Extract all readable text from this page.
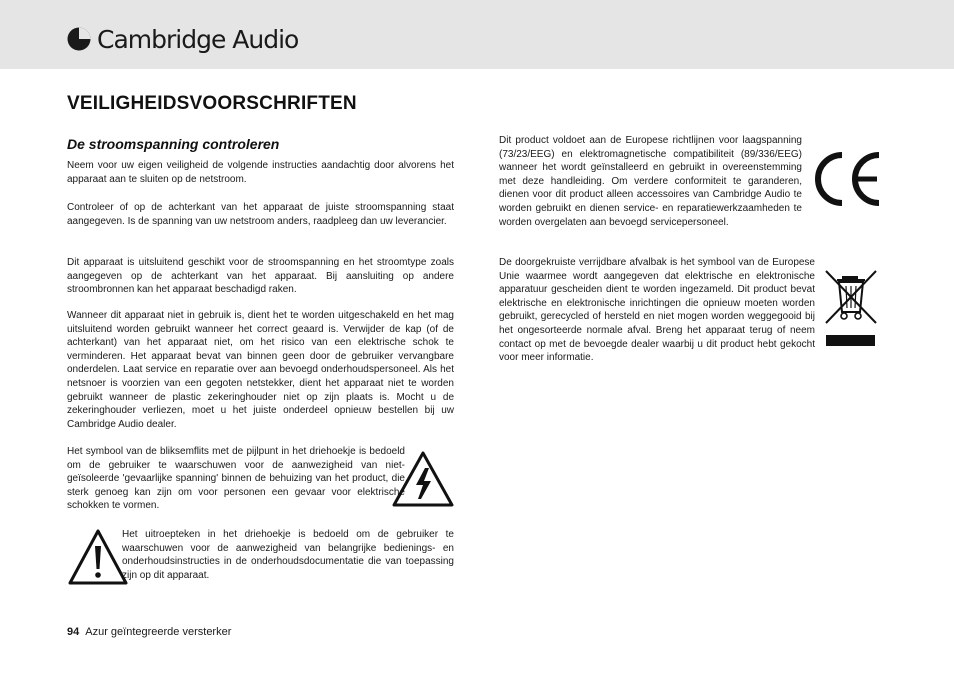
Cambridge Audio
VEILIGHEIDSVOORSCHRIFTEN
De stroomspanning controleren

Neem voor uw eigen veiligheid de volgende instructies aandachtig door alvorens het apparaat aan te sluiten op de netstroom.

Controleer of op de achterkant van het apparaat de juiste stroomspanning staat aangegeven. Is de spanning van uw netstroom anders, raadpleeg dan uw leverancier.

Dit apparaat is uitsluitend geschikt voor de stroomspanning en het stroomtype zoals aangegeven op de achterkant van het apparaat. Bij aansluiting op andere stroombronnen kan het apparaat beschadigd raken.

Wanneer dit apparaat niet in gebruik is, dient het te worden uitgeschakeld en het mag uitsluitend worden gebruikt wanneer het correct geaard is. Verwijder de kap (of de achterkant) van het apparaat niet, om het risico van een elektrische schok te verminderen. Het apparaat bevat van binnen geen door de gebruiker vervangbare onderdelen. Laat service en reparatie over aan bevoegd onderhoudspersoneel. Als het netsnoer is voorzien van een gegoten netstekker, dient het apparaat niet te worden gebruikt wanneer de plastic zekeringhouder niet op zijn plaats is. Mocht u de zekeringhouder verliezen, moet u het juiste onderdeel opnieuw bestellen bij uw Cambridge Audio dealer.

Het symbool van de bliksemflits met de pijlpunt in het driehoekje is bedoeld om de gebruiker te waarschuwen voor de aanwezigheid van niet-geïsoleerde 'gevaarlijke spanning' binnen de behuizing van het product, die sterk genoeg kan zijn om voor personen een gevaar voor elektrische schokken te vormen.

Het uitroepteken in het driehoekje is bedoeld om de gebruiker te waarschuwen voor de aanwezigheid van belangrijke bedienings- en onderhoudsinstructies in de onderhoudsdocumentatie die van toepassing zijn op dit apparaat.

Dit product voldoet aan de Europese richtlijnen voor laagspanning (73/23/EEG) en elektromagnetische compatibiliteit (89/336/EEG) wanneer het wordt geïnstalleerd en gebruikt in overeenstemming met deze handleiding. Om verdere conformiteit te garanderen, dienen voor dit product alleen accessoires van Cambridge Audio te worden gebruikt en dienen service- en reparatiewerkzaamheden te worden overgelaten aan bevoegd servicepersoneel.

De doorgekruiste verrijdbare afvalbak is het symbool van de Europese Unie waarmee wordt aangegeven dat elektrische en elektronische apparatuur gescheiden dient te worden ingezameld. Dit product bevat elektrische en elektronische inrichtingen die opnieuw moeten worden gebruikt, gerecycled of hersteld en niet mogen worden weggegooid bij het ongesorteerde normale afval. Breng het apparaat terug of neem contact op met de bevoegde dealer waarbij u dit product hebt gekocht voor meer informatie.

94 Azur geïntegreerde versterker
